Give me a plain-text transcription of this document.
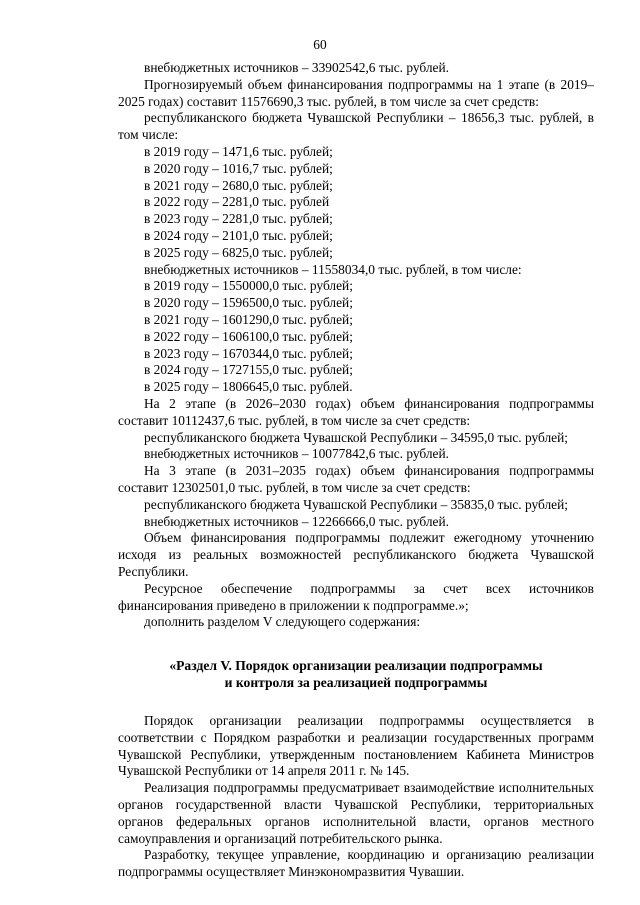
60

внебюджетных источников – 33902542,6 тыс. рублей.

Прогнозируемый объем финансирования подпрограммы на 1 этапе (в 2019–2025 годах) составит 11576690,3 тыс. рублей, в том числе за счет средств:

республиканского бюджета Чувашской Республики – 18656,3 тыс. рублей, в том числе:

в 2019 году – 1471,6 тыс. рублей;

в 2020 году – 1016,7 тыс. рублей;

в 2021 году – 2680,0 тыс. рублей;

в 2022 году – 2281,0 тыс. рублей

в 2023 году – 2281,0 тыс. рублей;

в 2024 году – 2101,0 тыс. рублей;

в 2025 году – 6825,0 тыс. рублей;

внебюджетных источников – 11558034,0 тыс. рублей, в том числе:

в 2019 году – 1550000,0 тыс. рублей;

в 2020 году – 1596500,0 тыс. рублей;

в 2021 году – 1601290,0 тыс. рублей;

в 2022 году – 1606100,0 тыс. рублей;

в 2023 году – 1670344,0 тыс. рублей;

в 2024 году – 1727155,0 тыс. рублей;

в 2025 году – 1806645,0 тыс. рублей.

На 2 этапе (в 2026–2030 годах) объем финансирования подпрограммы составит 10112437,6 тыс. рублей, в том числе за счет средств:

республиканского бюджета Чувашской Республики – 34595,0 тыс. рублей;

внебюджетных источников – 10077842,6 тыс. рублей.

На 3 этапе (в 2031–2035 годах) объем финансирования подпрограммы составит 12302501,0 тыс. рублей, в том числе за счет средств:

республиканского бюджета Чувашской Республики – 35835,0 тыс. рублей;

внебюджетных источников – 12266666,0 тыс. рублей.

Объем финансирования подпрограммы подлежит ежегодному уточнению исходя из реальных возможностей республиканского бюджета Чувашской Республики.

Ресурсное обеспечение подпрограммы за счет всех источников финансирования приведено в приложении к подпрограмме.»;

дополнить разделом V следующего содержания:

«Раздел V. Порядок организации реализации подпрограммы
и контроля за реализацией подпрограммы

Порядок организации реализации подпрограммы осуществляется в соответствии с Порядком разработки и реализации государственных программ Чувашской Республики, утвержденным постановлением Кабинета Министров Чувашской Республики от 14 апреля 2011 г. № 145.

Реализация подпрограммы предусматривает взаимодействие исполнительных органов государственной власти Чувашской Республики, территориальных органов федеральных органов исполнительной власти, органов местного самоуправления и организаций потребительского рынка.

Разработку, текущее управление, координацию и организацию реализации подпрограммы осуществляет Минэкономразвития Чувашии.
